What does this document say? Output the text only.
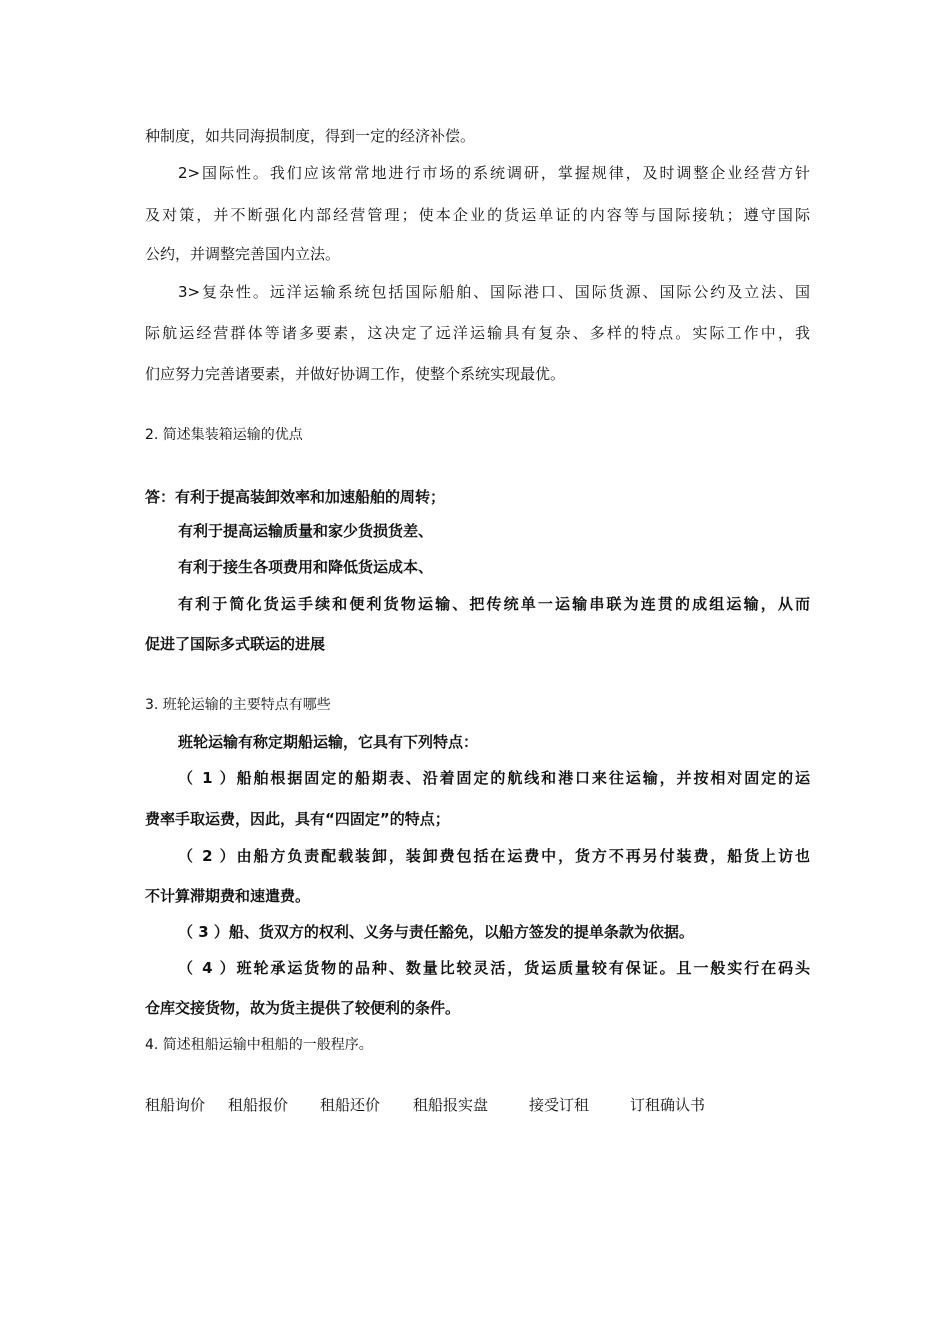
种制度，如共同海损制度，得到一定的经济补偿。
2>国际性。我们应该常常地进行市场的系统调研，掌握规律，及时调整企业经营方针
及对策，并不断强化内部经营管理；使本企业的货运单证的内容等与国际接轨；遵守国际
公约，并调整完善国内立法。
3>复杂性。远洋运输系统包括国际船舶、国际港口、国际货源、国际公约及立法、国
际航运经营群体等诸多要素，这决定了远洋运输具有复杂、多样的特点。实际工作中，我
们应努力完善诸要素，并做好协调工作，使整个系统实现最优。
2. 简述集装箱运输的优点
答：有利于提高装卸效率和加速船舶的周转；
有利于提高运输质量和家少货损货差、
有利于接生各项费用和降低货运成本、
有利于简化货运手续和便利货物运输、把传统单一运输串联为连贯的成组运输，从而
促进了国际多式联运的进展
3. 班轮运输的主要特点有哪些
班轮运输有称定期船运输，它具有下列特点：
（ 1 ）船舶根据固定的船期表、沿着固定的航线和港口来往运输，并按相对固定的运
费率手取运费，因此，具有“四固定”的特点；
（ 2 ）由船方负责配载装卸，装卸费包括在运费中，货方不再另付装费，船货上访也
不计算滞期费和速遣费。
（ 3 ）船、货双方的权利、义务与责任豁免，以船方签发的提单条款为依据。
（ 4 ）班轮承运货物的品种、数量比较灵活，货运质量较有保证。且一般实行在码头
仓库交接货物，故为货主提供了较便利的条件。
4. 简述租船运输中租船的一般程序。
租船询价 租船报价 租船还价 租船报实盘	接受订租	订租确认书
